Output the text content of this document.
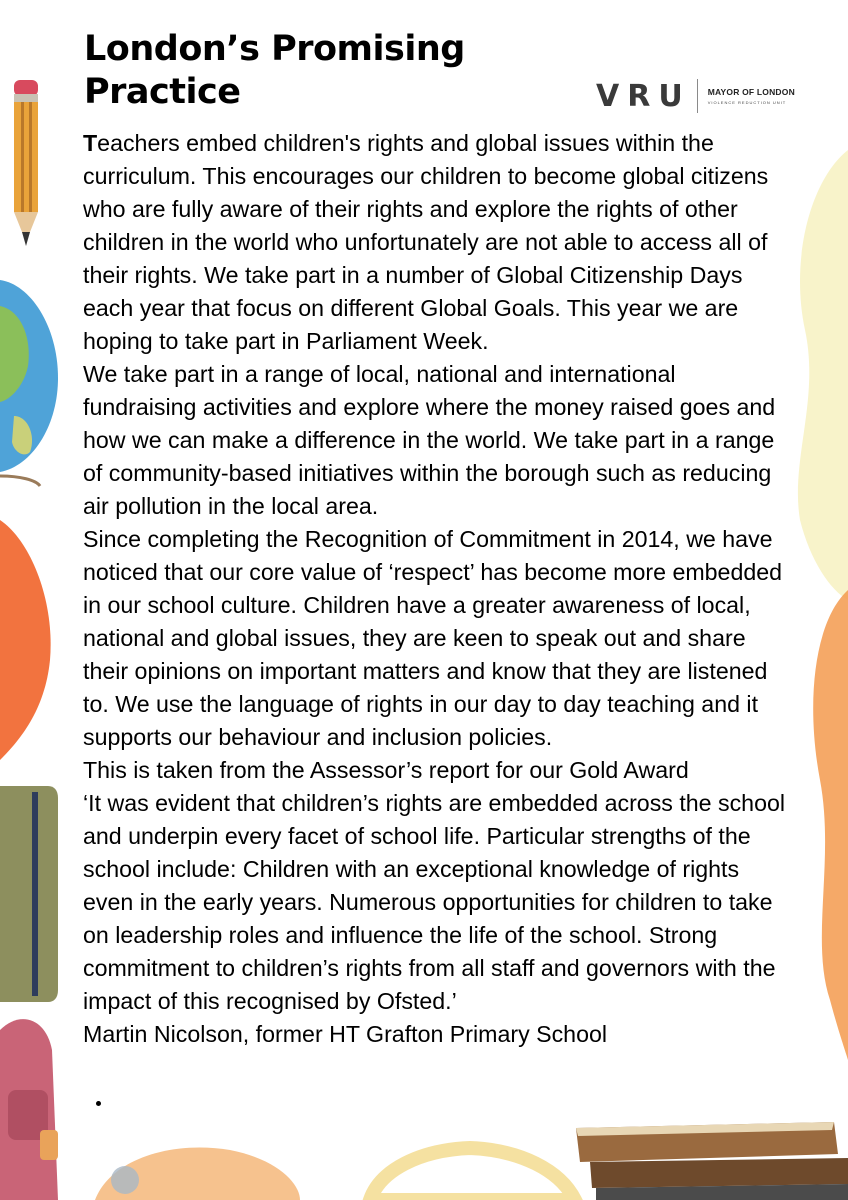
London’s Promising
Practice	VRU MAYOR OF LONDON
VIOLENCE REDUCTION UNIT

Teachers embed children's rights and global issues within the curriculum. This encourages our children to become global citizens who are fully aware of their rights and explore the rights of other children in the world who unfortunately are not able to access all of their rights. We take part in a number of Global Citizenship Days each year that focus on different Global Goals. This year we are hoping to take part in Parliament Week.

We take part in a range of local, national and international fundraising activities and explore where the money raised goes and how we can make a difference in the world. We take part in a range of community-based initiatives within the borough such as reducing air pollution in the local area.

Since completing the Recognition of Commitment in 2014, we have noticed that our core value of ‘respect’ has become more embedded in our school culture. Children have a greater awareness of local, national and global issues, they are keen to speak out and share their opinions on important matters and know that they are listened to. We use the language of rights in our day to day teaching and it supports our behaviour and inclusion policies.

This is taken from the Assessor’s report for our Gold Award

‘It was evident that children’s rights are embedded across the school and underpin every facet of school life. Particular strengths of the school include: Children with an exceptional knowledge of rights even in the early years. Numerous opportunities for children to take on leadership roles and influence the life of the school. Strong commitment to children’s rights from all staff and governors with the impact of this recognised by Ofsted.’

Martin Nicolson, former HT Grafton Primary School
